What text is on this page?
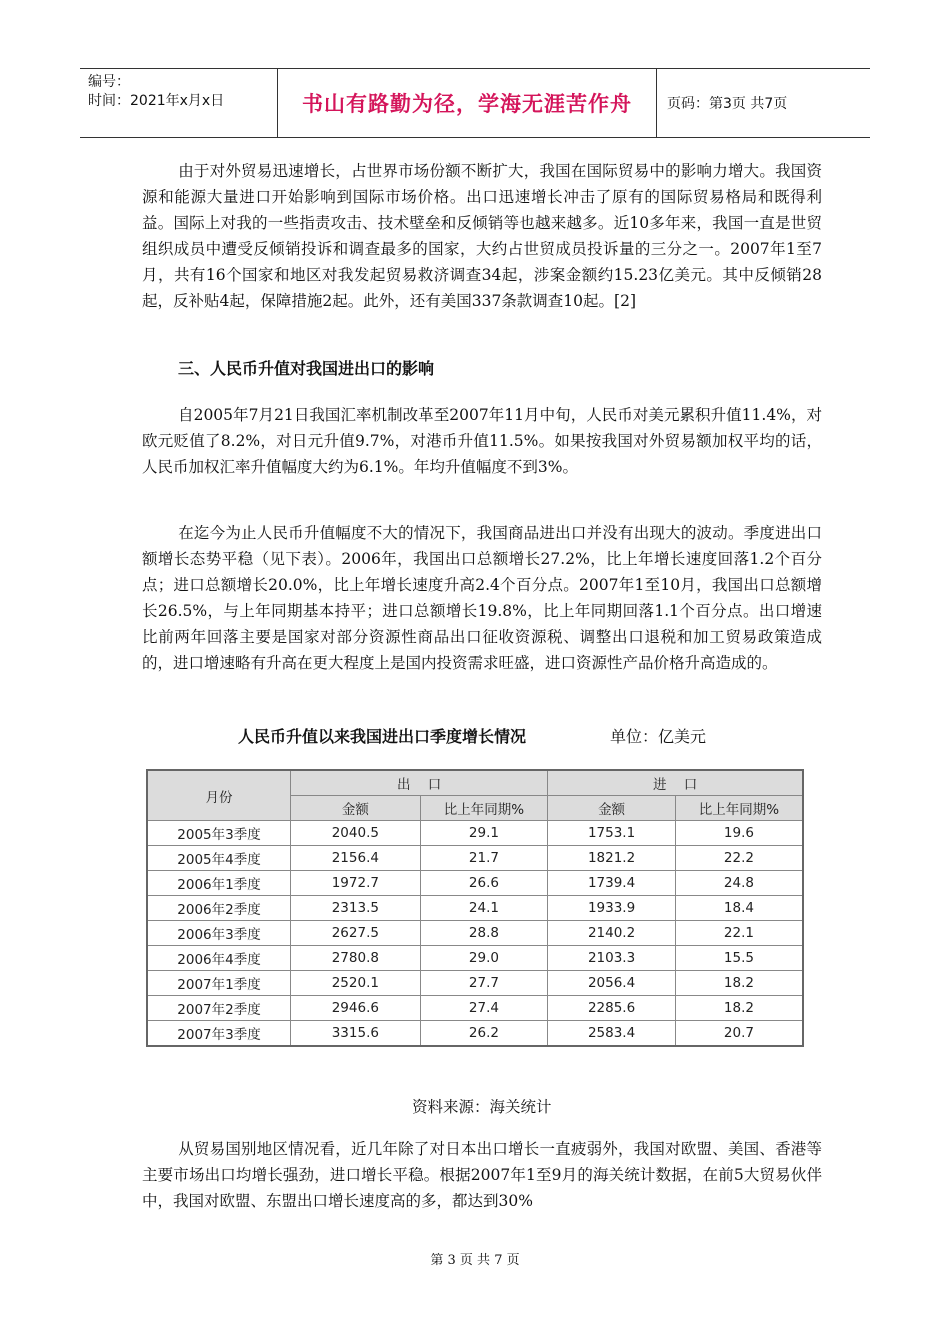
编号：
时间：2021年x月x日	书山有路勤为径，学海无涯苦作舟	页码：第3页 共7页
由于对外贸易迅速增长，占世界市场份额不断扩大，我国在国际贸易中的影响力增大。我国资源和能源大量进口开始影响到国际市场价格。出口迅速增长冲击了原有的国际贸易格局和既得利益。国际上对我的一些指责攻击、技术壁垒和反倾销等也越来越多。近10多年来，我国一直是世贸组织成员中遭受反倾销投诉和调查最多的国家，大约占世贸成员投诉量的三分之一。2007年1至7月，共有16个国家和地区对我发起贸易救济调查34起，涉案金额约15.23亿美元。其中反倾销28起，反补贴4起，保障措施2起。此外，还有美国337条款调查10起。[2]
三、人民币升值对我国进出口的影响
自2005年7月21日我国汇率机制改革至2007年11月中旬，人民币对美元累积升值11.4%，对欧元贬值了8.2%，对日元升值9.7%，对港币升值11.5%。如果按我国对外贸易额加权平均的话，人民币加权汇率升值幅度大约为6.1%。年均升值幅度不到3%。
在迄今为止人民币升值幅度不大的情况下，我国商品进出口并没有出现大的波动。季度进出口额增长态势平稳（见下表）。2006年，我国出口总额增长27.2%，比上年增长速度回落1.2个百分点；进口总额增长20.0%，比上年增长速度升高2.4个百分点。2007年1至10月，我国出口总额增长26.5%，与上年同期基本持平；进口总额增长19.8%，比上年同期回落1.1个百分点。出口增速比前两年回落主要是国家对部分资源性商品出口征收资源税、调整出口退税和加工贸易政策造成的，进口增速略有升高在更大程度上是国内投资需求旺盛，进口资源性产品价格升高造成的。
人民币升值以来我国进出口季度增长情况	单位：亿美元
月份	出    口		进    口	
	金额	比上年同期%	金额	比上年同期%
2005年3季度	2040.5	29.1	1753.1	19.6
2005年4季度	2156.4	21.7	1821.2	22.2
2006年1季度	1972.7	26.6	1739.4	24.8
2006年2季度	2313.5	24.1	1933.9	18.4
2006年3季度	2627.5	28.8	2140.2	22.1
2006年4季度	2780.8	29.0	2103.3	15.5
2007年1季度	2520.1	27.7	2056.4	18.2
2007年2季度	2946.6	27.4	2285.6	18.2
2007年3季度	3315.6	26.2	2583.4	20.7
资料来源：海关统计
从贸易国别地区情况看，近几年除了对日本出口增长一直疲弱外，我国对欧盟、美国、香港等主要市场出口均增长强劲，进口增长平稳。根据2007年1至9月的海关统计数据，在前5大贸易伙伴中，我国对欧盟、东盟出口增长速度高的多，都达到30%
第 3 页 共 7 页
